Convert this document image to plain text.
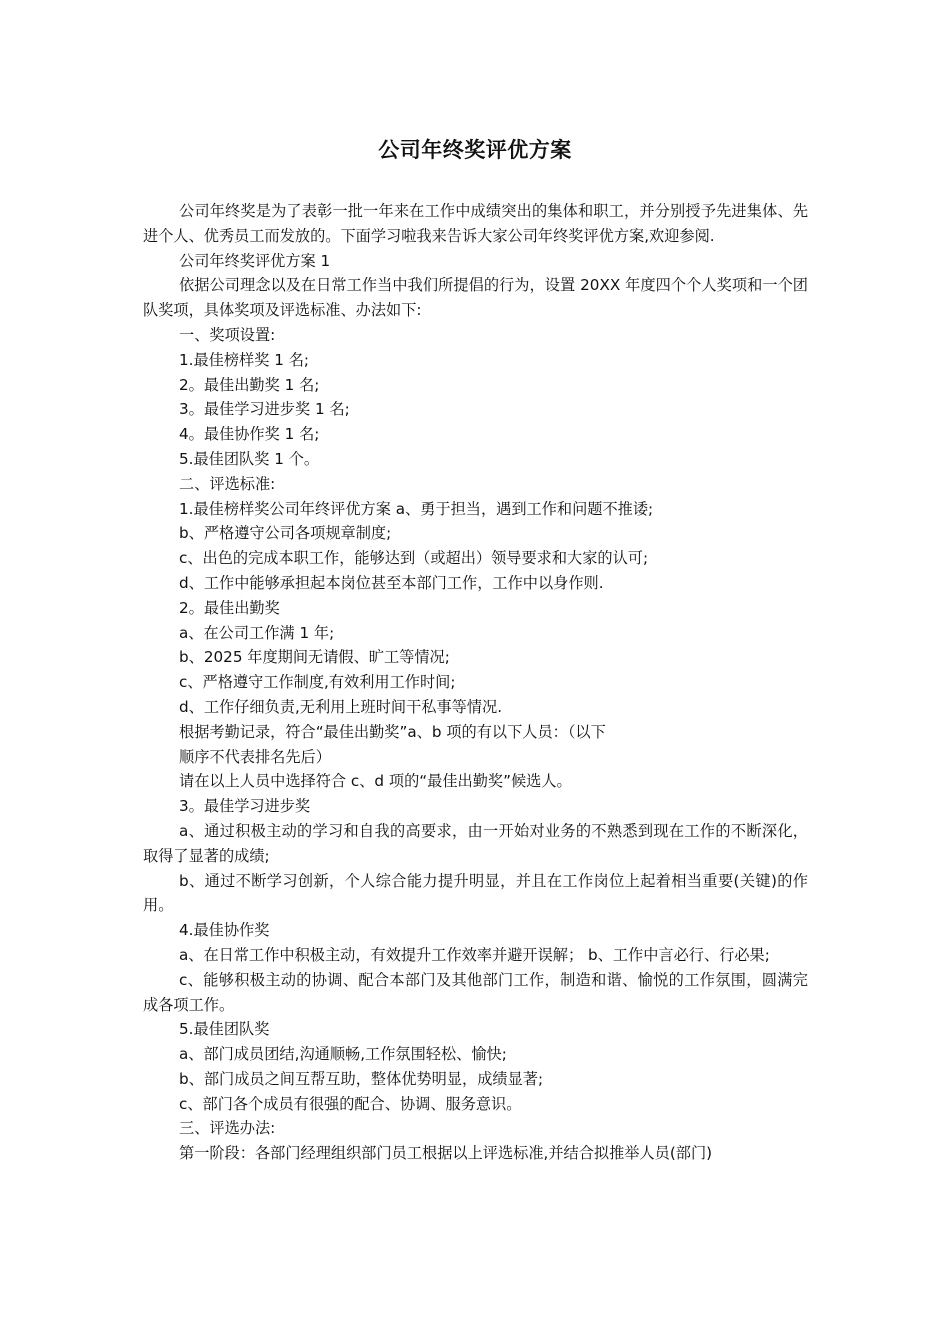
公司年终奖评优方案

公司年终奖是为了表彰一批一年来在工作中成绩突出的集体和职工，并分别授予先进集体、先进个人、优秀员工而发放的。下面学习啦我来告诉大家公司年终奖评优方案,欢迎参阅.

公司年终奖评优方案 1

依据公司理念以及在日常工作当中我们所提倡的行为，设置 20XX 年度四个个人奖项和一个团队奖项，具体奖项及评选标准、办法如下:

一、奖项设置:

1.最佳榜样奖 1 名;

2。最佳出勤奖 1 名;

3。最佳学习进步奖 1 名;

4。最佳协作奖 1 名;

5.最佳团队奖 1 个。

二、评选标准:

1.最佳榜样奖公司年终评优方案 a、勇于担当，遇到工作和问题不推诿;

b、严格遵守公司各项规章制度;

c、出色的完成本职工作，能够达到（或超出）领导要求和大家的认可;

d、工作中能够承担起本岗位甚至本部门工作，工作中以身作则.

2。最佳出勤奖

a、在公司工作满 1 年;

b、2025 年度期间无请假、旷工等情况;

c、严格遵守工作制度,有效利用工作时间;

d、工作仔细负责,无利用上班时间干私事等情况.

根据考勤记录，符合“最佳出勤奖”a、b 项的有以下人员：（以下

顺序不代表排名先后）

请在以上人员中选择符合 c、d 项的“最佳出勤奖”候选人。

3。最佳学习进步奖

a、通过积极主动的学习和自我的高要求，由一开始对业务的不熟悉到现在工作的不断深化，取得了显著的成绩;

b、通过不断学习创新，个人综合能力提升明显，并且在工作岗位上起着相当重要(关键)的作用。

4.最佳协作奖

a、在日常工作中积极主动，有效提升工作效率并避开误解； b、工作中言必行、行必果;

c、能够积极主动的协调、配合本部门及其他部门工作，制造和谐、愉悦的工作氛围，圆满完成各项工作。

5.最佳团队奖

a、部门成员团结,沟通顺畅,工作氛围轻松、愉快;

b、部门成员之间互帮互助，整体优势明显，成绩显著;

c、部门各个成员有很强的配合、协调、服务意识。

三、评选办法:

第一阶段：各部门经理组织部门员工根据以上评选标准,并结合拟推举人员(部门)
